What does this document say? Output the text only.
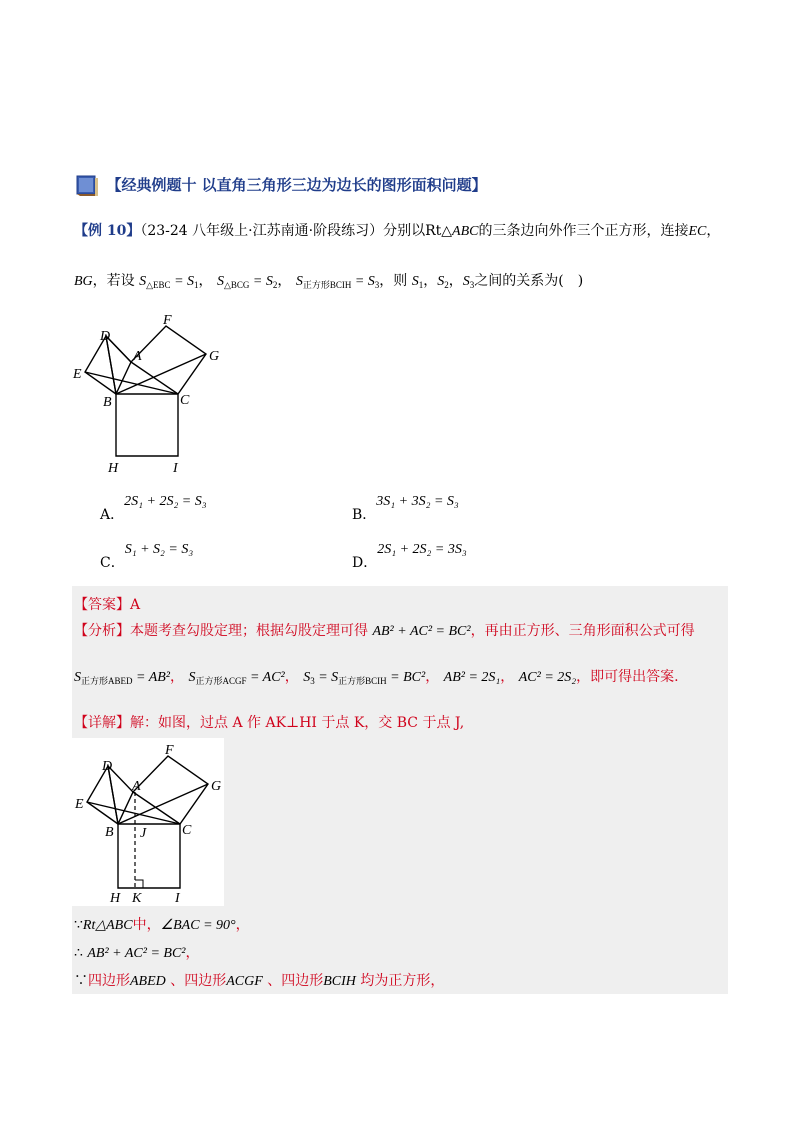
【经典例题十 以直角三角形三边为边长的图形面积问题】
【例 10】（23-24 八年级上·江苏南通·阶段练习）分别以Rt△ABC的三条边向外作三个正方形，连接EC，
BG，若设 $S_{\triangle EBC} = S_1$， $S_{\triangle BCG} = S_2$， $S_{正方形BCIH} = S_3$，则 $S_1$，$S_2$，$S_3$之间的关系为(　)
D
F
A	G
E
B	C
H	I
A．2S₁ + 2S₂ = S₃
B．3S₁ + 3S₂ = S₃
C．S₁ + S₂ = S₃
D．2S₁ + 2S₂ = 3S₃
【答案】A
【分析】本题考查勾股定理；根据勾股定理可得 AB² + AC² = BC²，再由正方形、三角形面积公式可得
$S_{正方形ABED} = AB^2$， $S_{正方形ACGF} = AC^2$， $S_3 = S_{正方形BCIH} = BC^2$， AB² = 2S₁， AC² = 2S₂，即可得出答案.
【详解】解：如图，过点 A 作 AK⊥HI 于点 K，交 BC 于点 J,
D
F
A	G
E
B J	C
H K I
∵Rt△ABC中，∠BAC = 90°，
∴ AB² + AC² = BC²，
∵四边形ABED 、四边形ACGF 、四边形BCIH 均为正方形，
